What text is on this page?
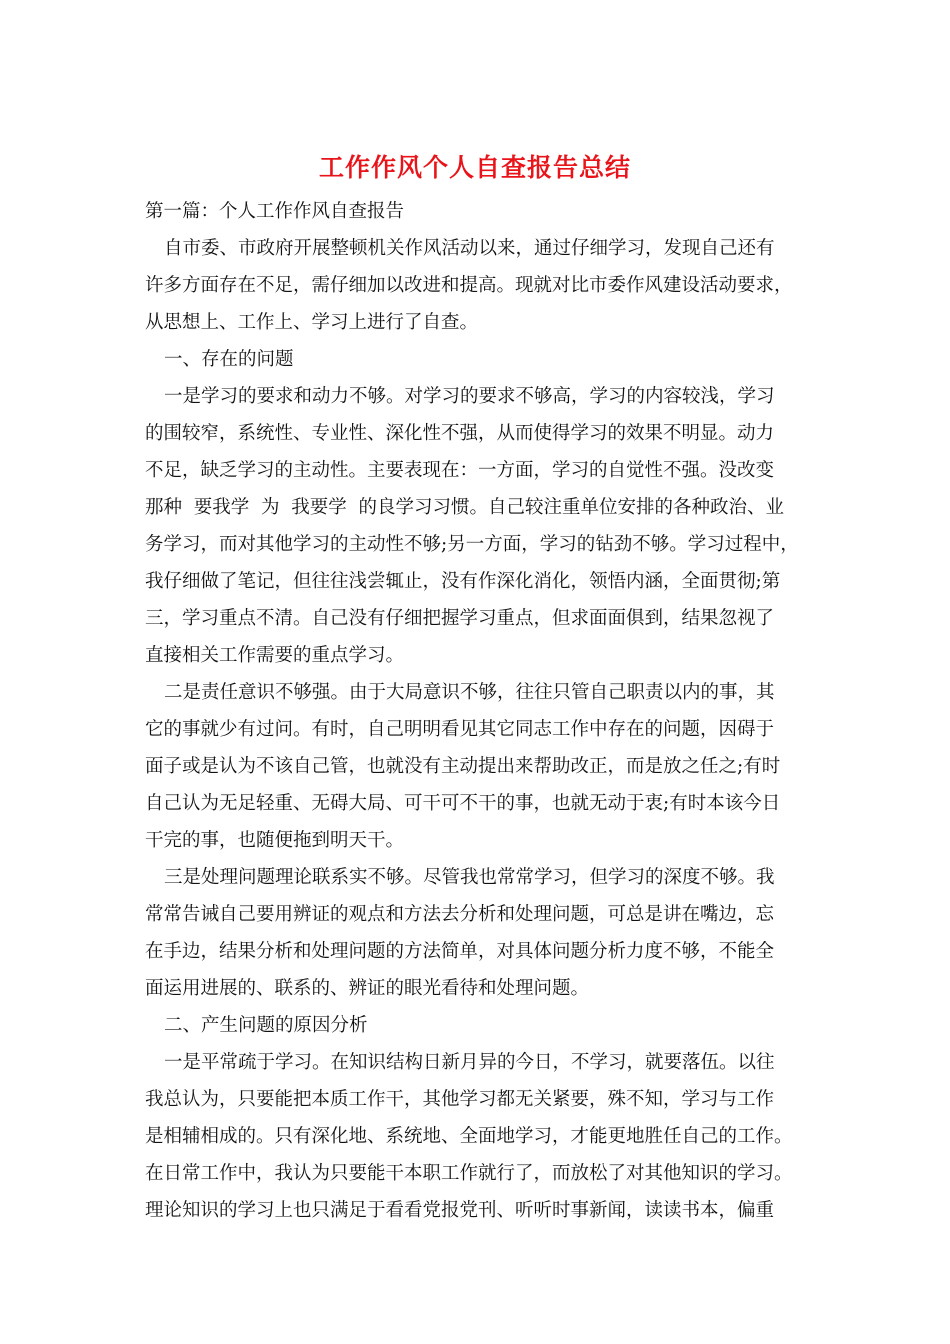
工作作风个人自查报告总结
第一篇：个人工作作风自查报告
自市委、市政府开展整顿机关作风活动以来，通过仔细学习，发现自己还有
许多方面存在不足，需仔细加以改进和提高。现就对比市委作风建设活动要求，
从思想上、工作上、学习上进行了自查。
一、存在的问题
一是学习的要求和动力不够。对学习的要求不够高，学习的内容较浅，学习
的围较窄，系统性、专业性、深化性不强，从而使得学习的效果不明显。动力
不足，缺乏学习的主动性。主要表现在：一方面，学习的自觉性不强。没改变
那种  要我学  为  我要学  的良学习习惯。自己较注重单位安排的各种政治、业
务学习，而对其他学习的主动性不够;另一方面，学习的钻劲不够。学习过程中，
我仔细做了笔记，但往往浅尝辄止，没有作深化消化，领悟内涵，全面贯彻;第
三，学习重点不清。自己没有仔细把握学习重点，但求面面俱到，结果忽视了
直接相关工作需要的重点学习。
二是责任意识不够强。由于大局意识不够，往往只管自己职责以内的事，其
它的事就少有过问。有时，自己明明看见其它同志工作中存在的问题，因碍于
面子或是认为不该自己管，也就没有主动提出来帮助改正，而是放之任之;有时
自己认为无足轻重、无碍大局、可干可不干的事，也就无动于衷;有时本该今日
干完的事，也随便拖到明天干。
三是处理问题理论联系实不够。尽管我也常常学习，但学习的深度不够。我
常常告诫自己要用辨证的观点和方法去分析和处理问题，可总是讲在嘴边，忘
在手边，结果分析和处理问题的方法简单，对具体问题分析力度不够，不能全
面运用进展的、联系的、辨证的眼光看待和处理问题。
二、产生问题的原因分析
一是平常疏于学习。在知识结构日新月异的今日，不学习，就要落伍。以往
我总认为，只要能把本质工作干，其他学习都无关紧要，殊不知，学习与工作
是相辅相成的。只有深化地、系统地、全面地学习，才能更地胜任自己的工作。
在日常工作中，我认为只要能干本职工作就行了，而放松了对其他知识的学习。
理论知识的学习上也只满足于看看党报党刊、听听时事新闻，读读书本，偏重
